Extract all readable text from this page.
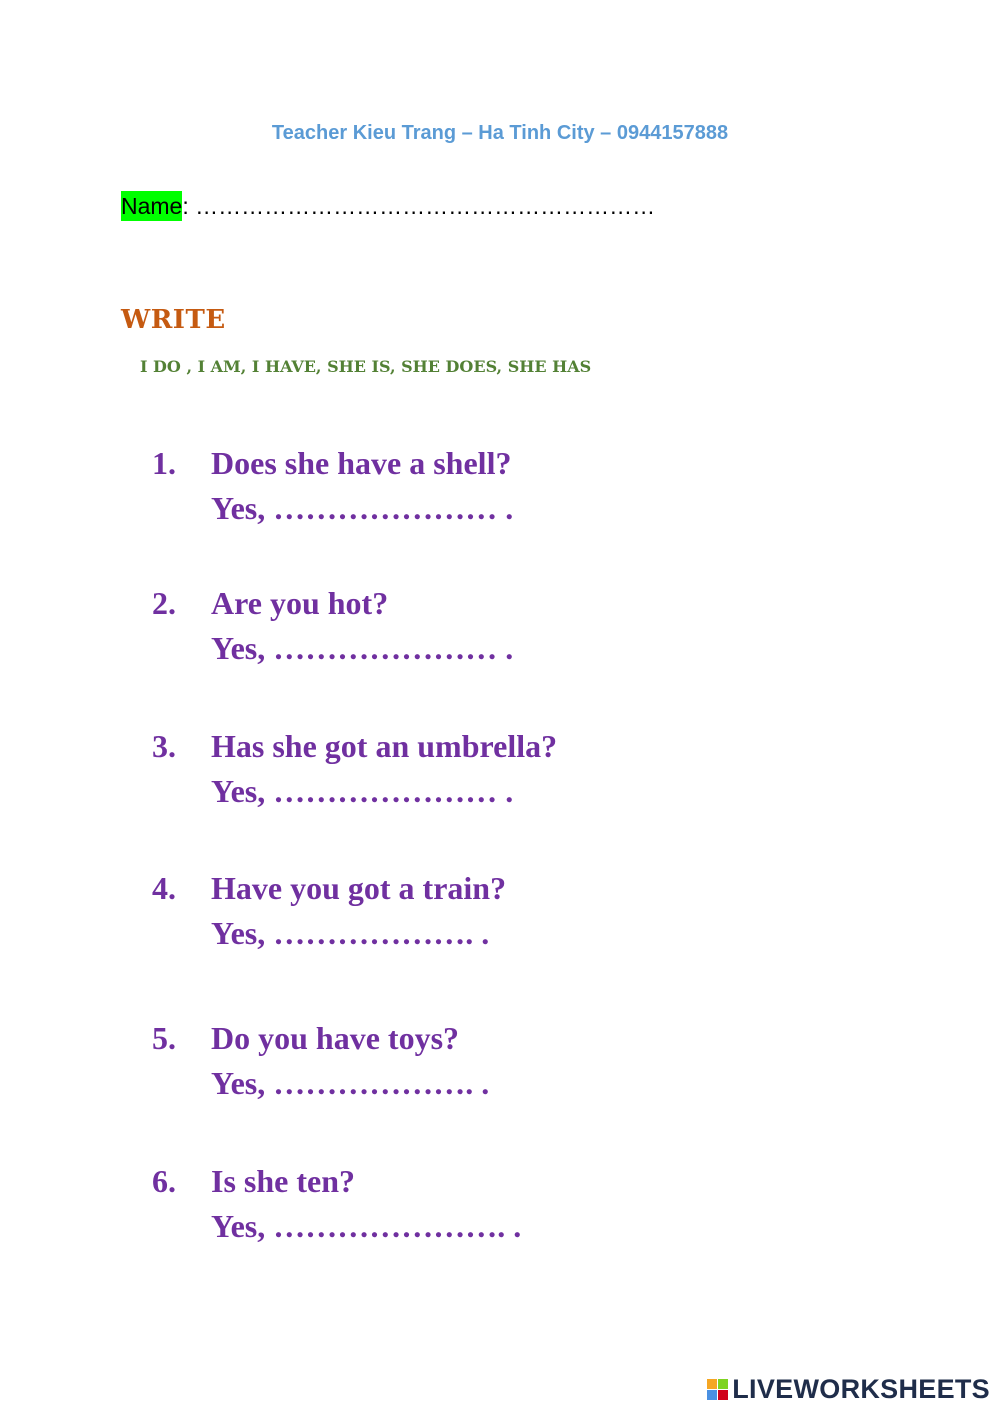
Teacher Kieu Trang – Ha Tinh City – 0944157888
Name: ……………………………………………………
WRITE
I DO , I AM, I HAVE, SHE IS, SHE DOES, SHE HAS
1. Does she have a shell?
Yes, ………………… .
2. Are you hot?
Yes, ………………… .
3. Has she got an umbrella?
Yes, ………………… .
4. Have you got a train?
Yes, ………………. .
5. Do you have toys?
Yes, ………………. .
6. Is she ten?
Yes, …………………. .
LIVEWORKSHEETS
